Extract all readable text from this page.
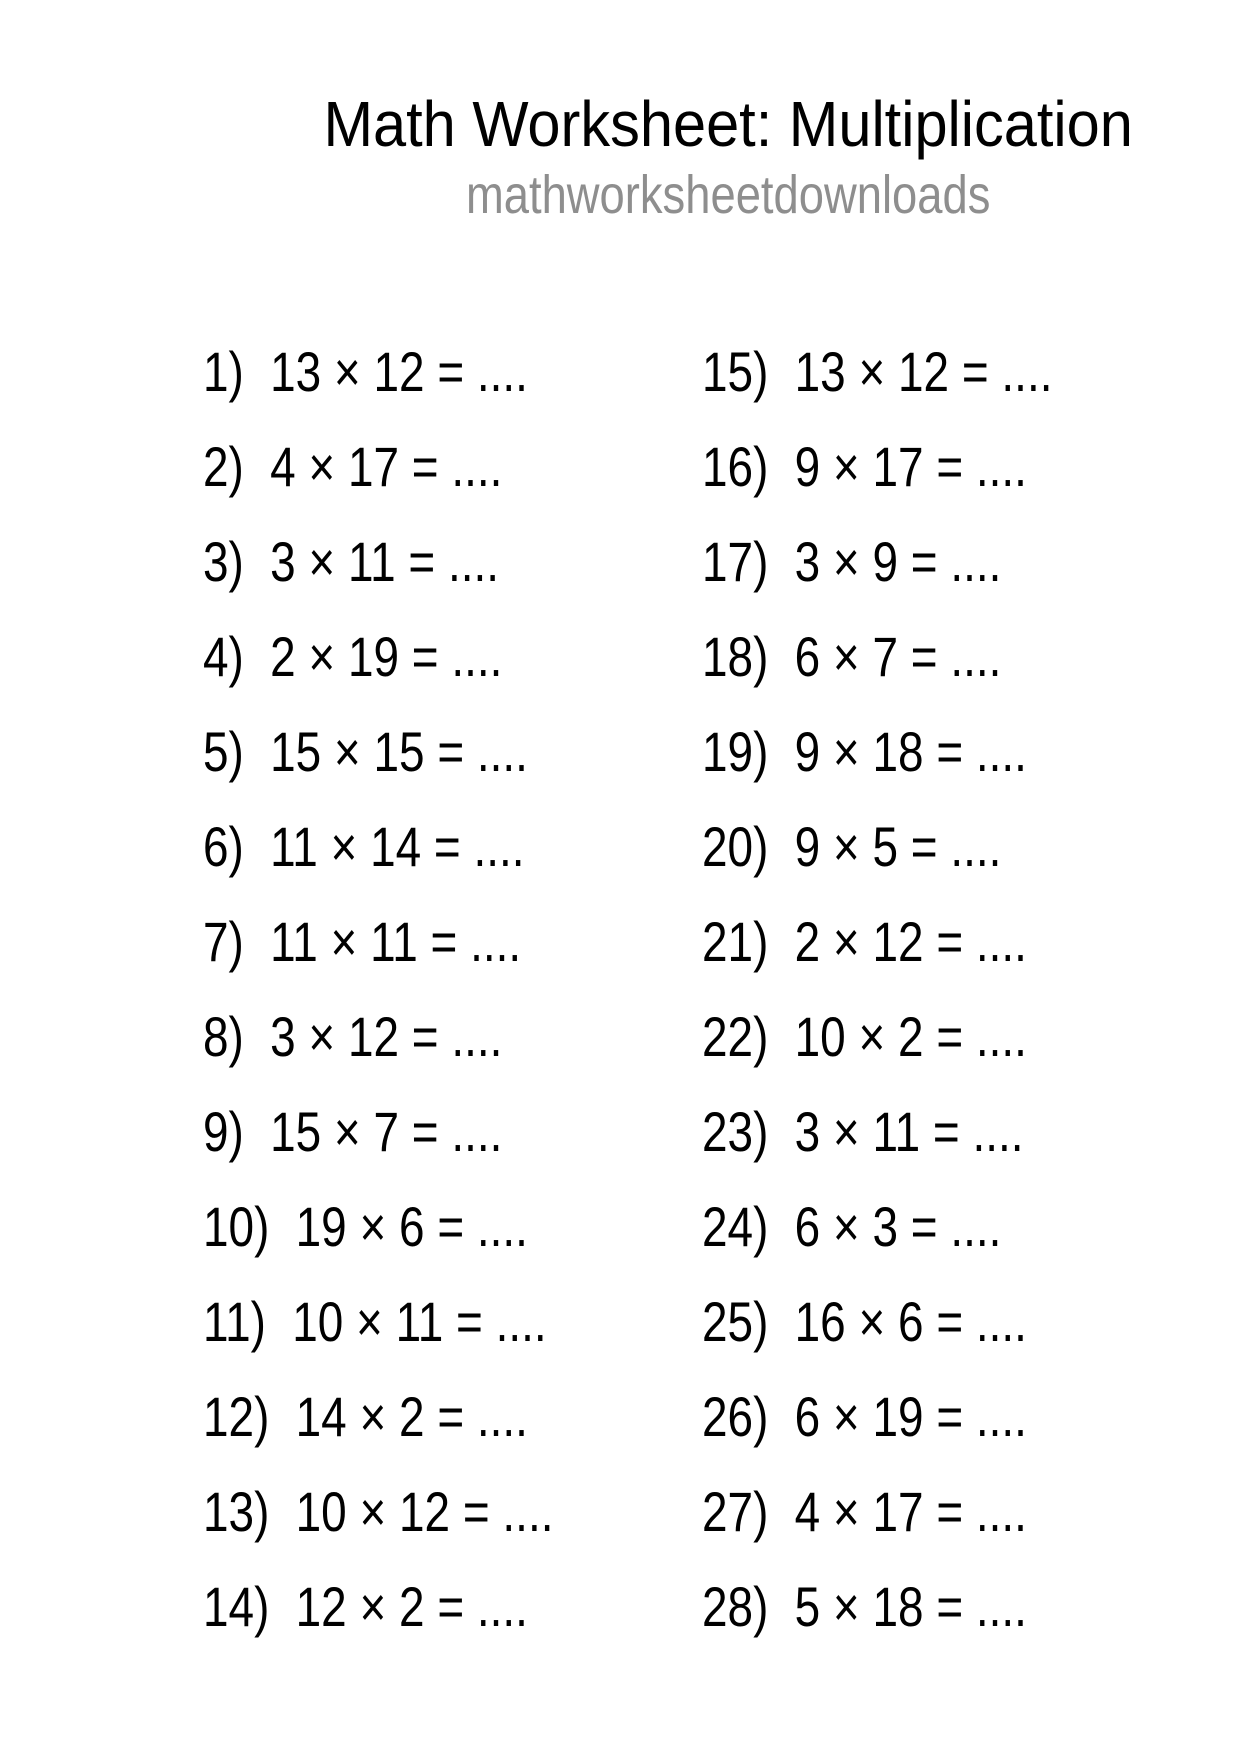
Math Worksheet: Multiplication
mathworksheetdownloads
1) 13 × 12 = ....
2) 4 × 17 = ....
3) 3 × 11 = ....
4) 2 × 19 = ....
5) 15 × 15 = ....
6) 11 × 14 = ....
7) 11 × 11 = ....
8) 3 × 12 = ....
9) 15 × 7 = ....
10) 19 × 6 = ....
11) 10 × 11 = ....
12) 14 × 2 = ....
13) 10 × 12 = ....
14) 12 × 2 = ....
15) 13 × 12 = ....
16) 9 × 17 = ....
17) 3 × 9 = ....
18) 6 × 7 = ....
19) 9 × 18 = ....
20) 9 × 5 = ....
21) 2 × 12 = ....
22) 10 × 2 = ....
23) 3 × 11 = ....
24) 6 × 3 = ....
25) 16 × 6 = ....
26) 6 × 19 = ....
27) 4 × 17 = ....
28) 5 × 18 = ....
